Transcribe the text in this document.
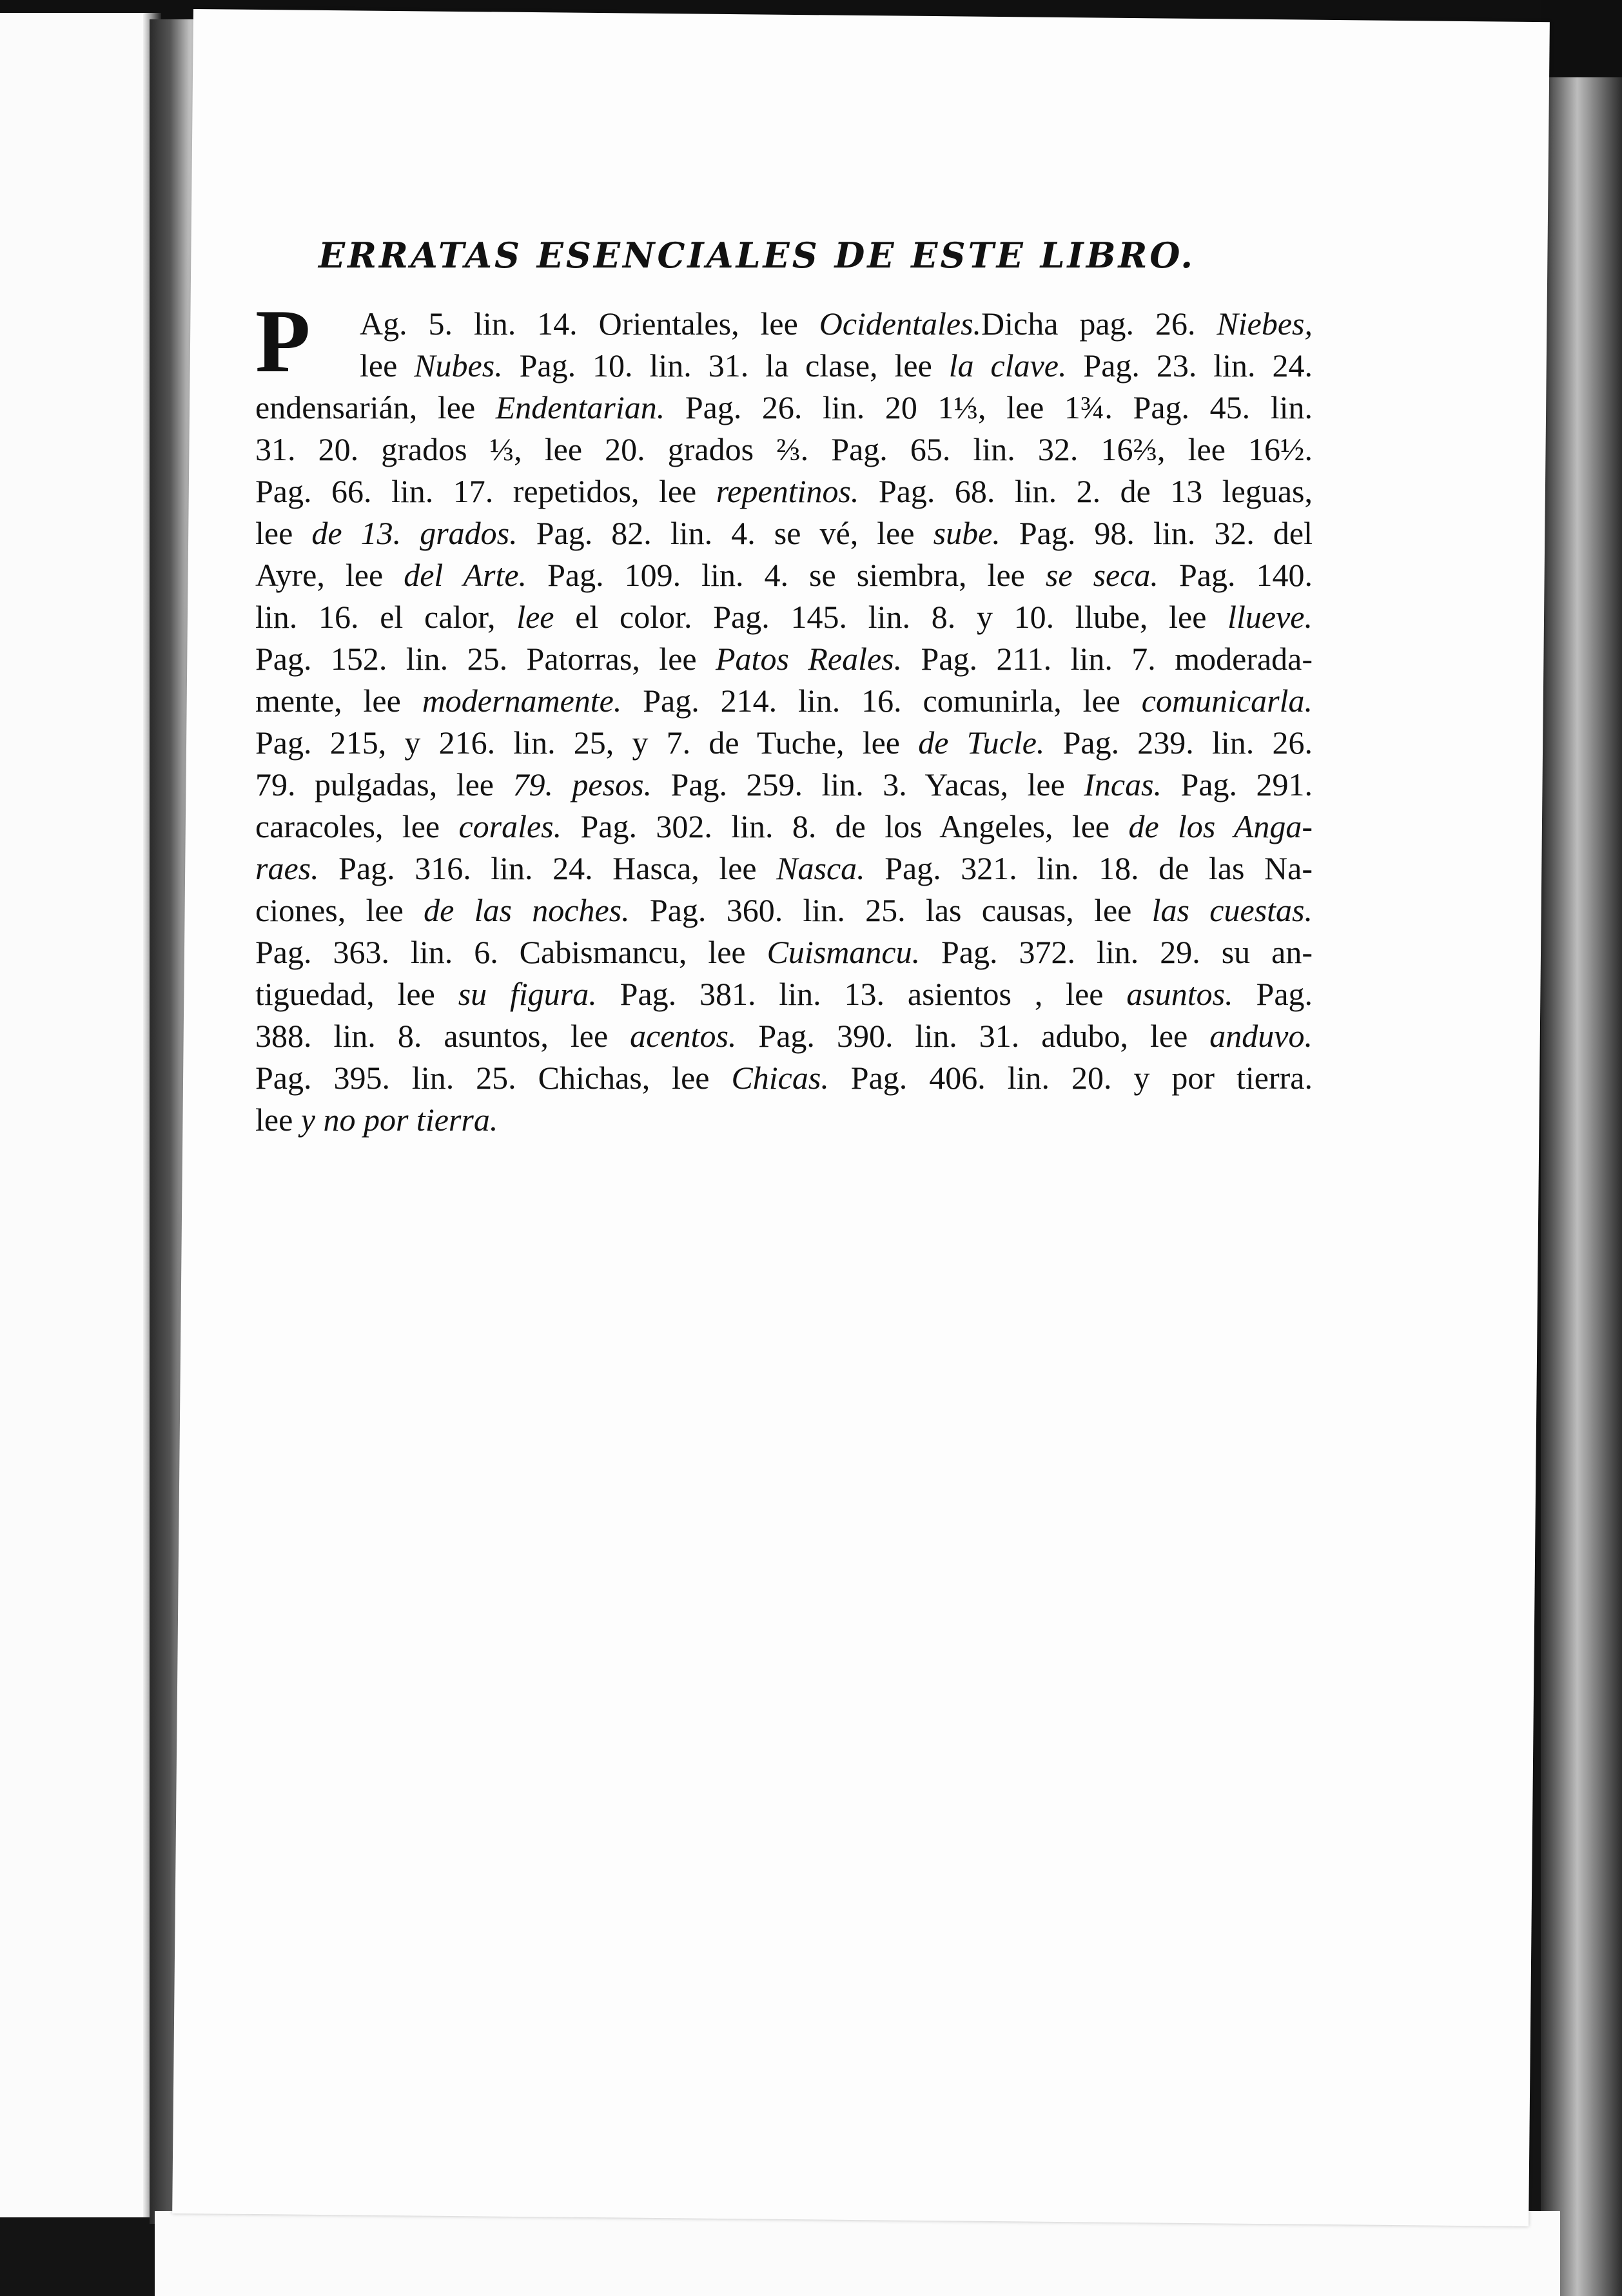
ERRATAS ESENCIALES DE ESTE LIBRO.
P	Ag. 5. lin. 14. Orientales, lee Ocidentales.Dicha pag. 26. Niebes,
lee Nubes. Pag. 10. lin. 31. la clase, lee la clave. Pag. 23. lin. 24.
endensarián, lee Endentarian. Pag. 26. lin. 20 1⅓, lee 1¾. Pag. 45. lin.
31. 20. grados ⅓, lee 20. grados ⅔. Pag. 65. lin. 32. 16⅔, lee 16½.
Pag. 66. lin. 17. repetidos, lee repentinos. Pag. 68. lin. 2. de 13 leguas,
lee de 13. grados. Pag. 82. lin. 4. se vé, lee sube. Pag. 98. lin. 32. del
Ayre, lee del Arte. Pag. 109. lin. 4. se siembra, lee se seca. Pag. 140.
lin. 16. el calor, lee el color. Pag. 145. lin. 8. y 10. llube, lee llueve.
Pag. 152. lin. 25. Patorras, lee Patos Reales. Pag. 211. lin. 7. moderada-
mente, lee modernamente. Pag. 214. lin. 16. comunirla, lee comunicarla.
Pag. 215, y 216. lin. 25, y 7. de Tuche, lee de Tucle. Pag. 239. lin. 26.
79. pulgadas, lee 79. pesos. Pag. 259. lin. 3. Yacas, lee Incas. Pag. 291.
caracoles, lee corales. Pag. 302. lin. 8. de los Angeles, lee de los Anga-
raes. Pag. 316. lin. 24. Hasca, lee Nasca. Pag. 321. lin. 18. de las Na-
ciones, lee de las noches. Pag. 360. lin. 25. las causas, lee las cuestas.
Pag. 363. lin. 6. Cabismancu, lee Cuismancu. Pag. 372. lin. 29. su an-
tiguedad, lee su figura. Pag. 381. lin. 13. asientos , lee asuntos. Pag.
388. lin. 8. asuntos, lee acentos. Pag. 390. lin. 31. adubo, lee anduvo.
Pag. 395. lin. 25. Chichas, lee Chicas. Pag. 406. lin. 20. y por tierra.
lee y no por tierra.
